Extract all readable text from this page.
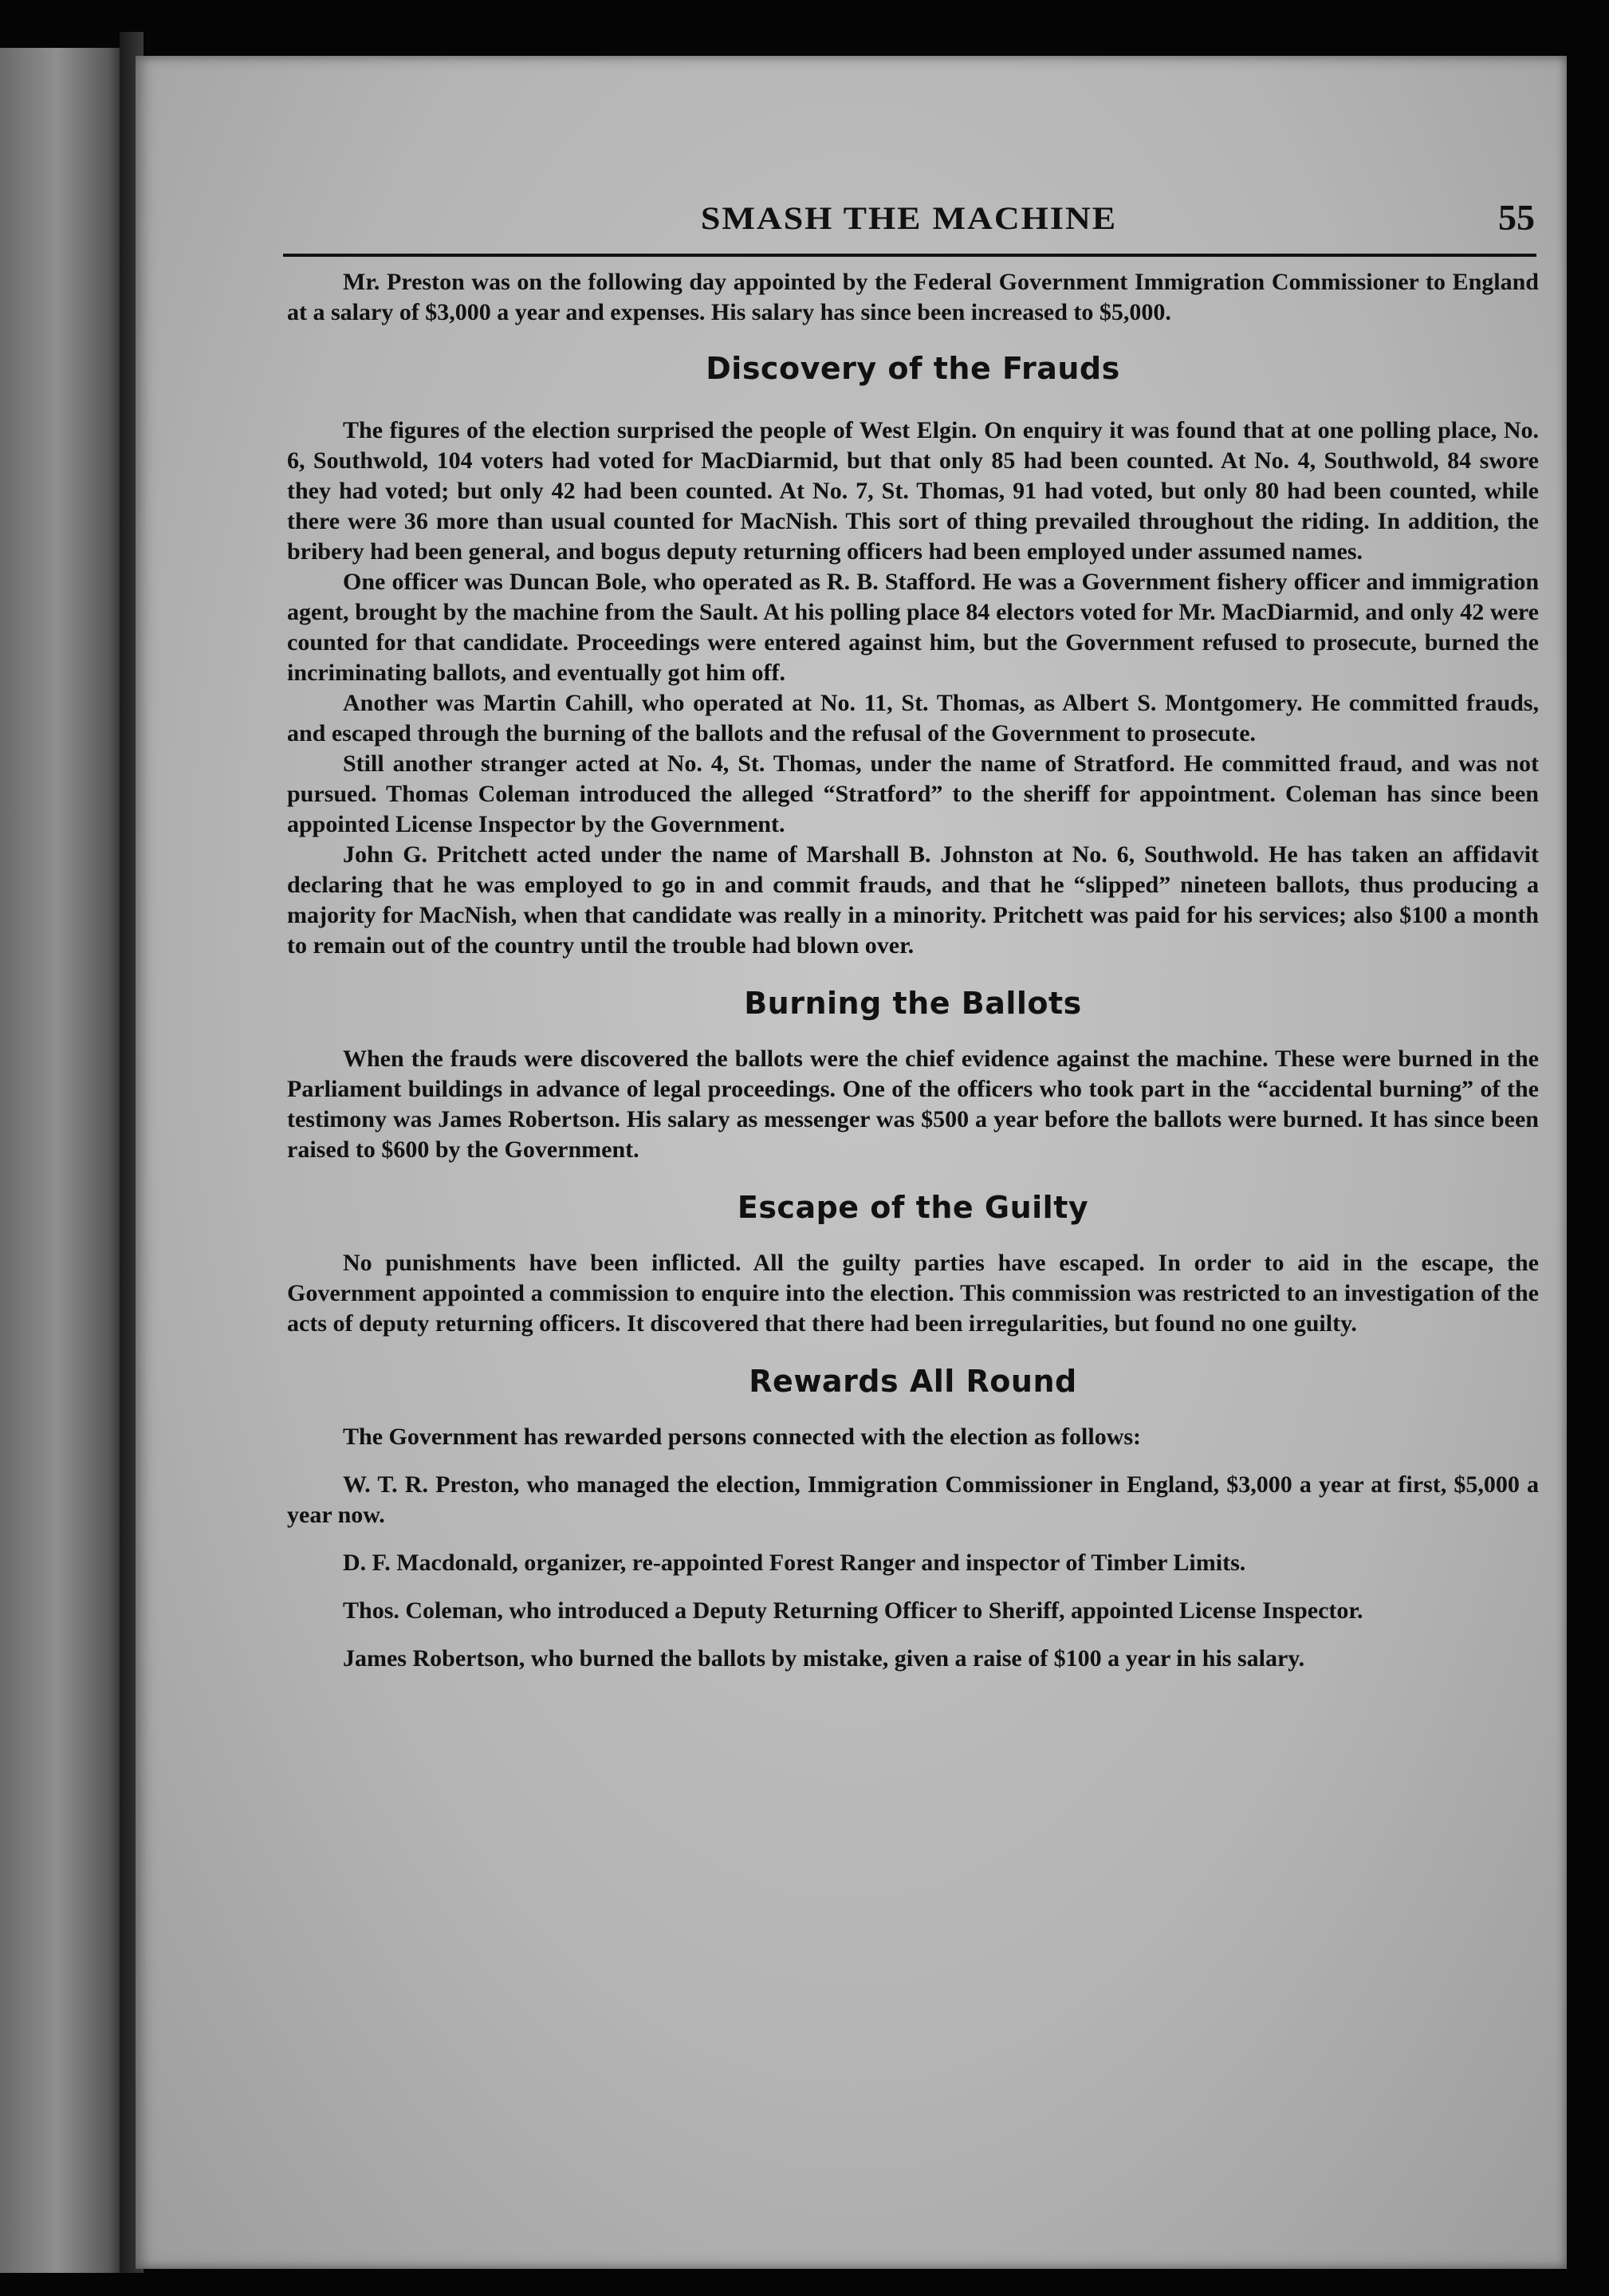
SMASH THE MACHINE	55

Mr. Preston was on the following day appointed by the Federal Government Immigration Commissioner to England at a salary of $3,000 a year and expenses. His salary has since been increased to $5,000.

Discovery of the Frauds

The figures of the election surprised the people of West Elgin. On enquiry it was found that at one polling place, No. 6, Southwold, 104 voters had voted for MacDiarmid, but that only 85 had been counted. At No. 4, Southwold, 84 swore they had voted; but only 42 had been counted. At No. 7, St. Thomas, 91 had voted, but only 80 had been counted, while there were 36 more than usual counted for MacNish. This sort of thing prevailed throughout the riding. In addition, the bribery had been general, and bogus deputy returning officers had been employed under assumed names.

One officer was Duncan Bole, who operated as R. B. Stafford. He was a Government fishery officer and immigration agent, brought by the machine from the Sault. At his polling place 84 electors voted for Mr. MacDiarmid, and only 42 were counted for that candidate. Proceedings were entered against him, but the Government refused to prosecute, burned the incriminating ballots, and eventually got him off.

Another was Martin Cahill, who operated at No. 11, St. Thomas, as Albert S. Montgomery. He committed frauds, and escaped through the burning of the ballots and the refusal of the Government to prosecute.

Still another stranger acted at No. 4, St. Thomas, under the name of Stratford. He committed fraud, and was not pursued. Thomas Coleman introduced the alleged “Stratford” to the sheriff for appointment. Coleman has since been appointed License Inspector by the Government.

John G. Pritchett acted under the name of Marshall B. Johnston at No. 6, Southwold. He has taken an affidavit declaring that he was employed to go in and commit frauds, and that he “slipped” nineteen ballots, thus producing a majority for MacNish, when that candidate was really in a minority. Pritchett was paid for his services; also $100 a month to remain out of the country until the trouble had blown over.

Burning the Ballots

When the frauds were discovered the ballots were the chief evidence against the machine. These were burned in the Parliament buildings in advance of legal proceedings. One of the officers who took part in the “accidental burning” of the testimony was James Robertson. His salary as messenger was $500 a year before the ballots were burned. It has since been raised to $600 by the Government.

Escape of the Guilty

No punishments have been inflicted. All the guilty parties have escaped. In order to aid in the escape, the Government appointed a commission to enquire into the election. This commission was restricted to an investigation of the acts of deputy returning officers. It discovered that there had been irregularities, but found no one guilty.

Rewards All Round

The Government has rewarded persons connected with the election as follows:

W. T. R. Preston, who managed the election, Immigration Commissioner in England, $3,000 a year at first, $5,000 a year now.

D. F. Macdonald, organizer, re-appointed Forest Ranger and inspector of Timber Limits.

Thos. Coleman, who introduced a Deputy Returning Officer to Sheriff, appointed License Inspector.

James Robertson, who burned the ballots by mistake, given a raise of $100 a year in his salary.
